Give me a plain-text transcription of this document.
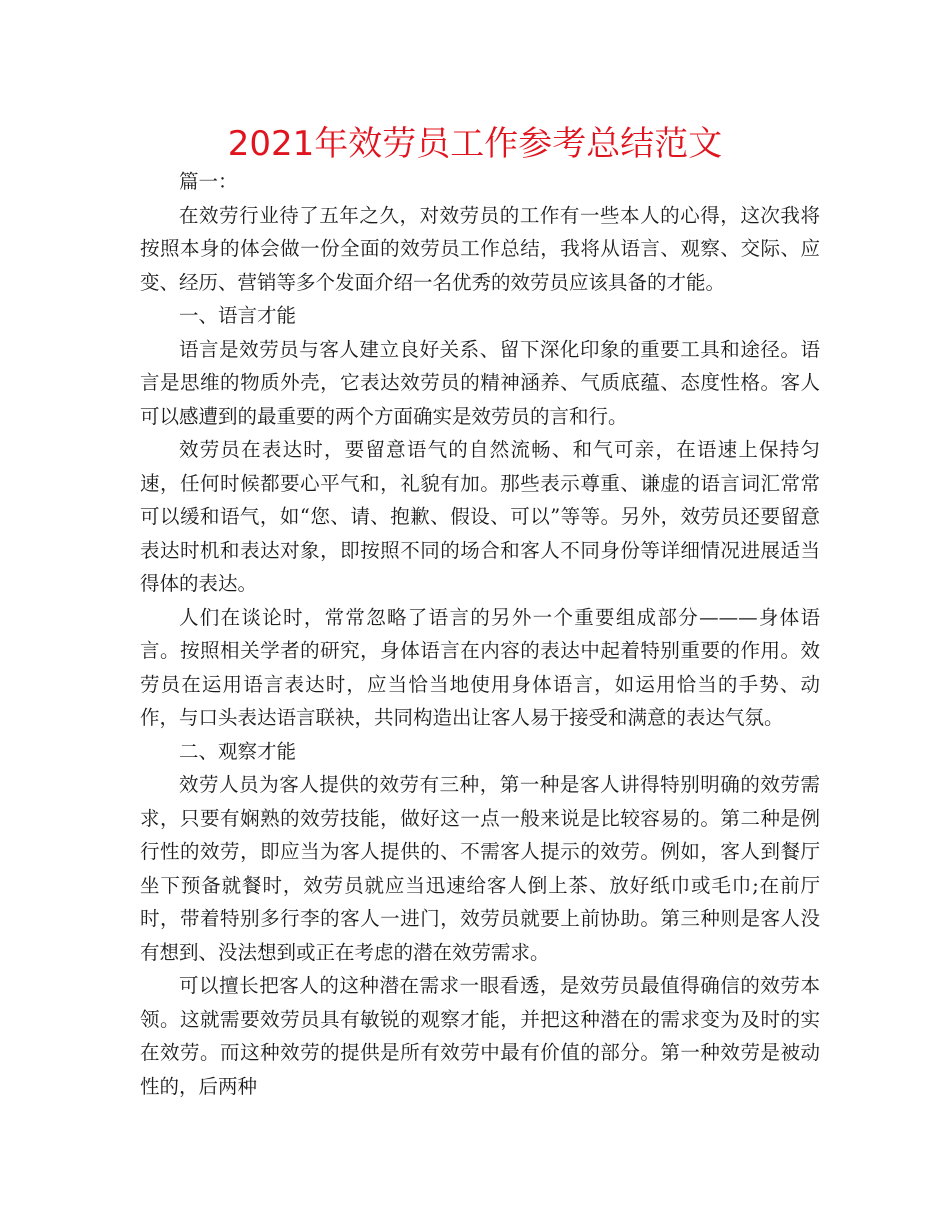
2021年效劳员工作参考总结范文

篇一：

在效劳行业待了五年之久，对效劳员的工作有一些本人的心得，这次我将按照本身的体会做一份全面的效劳员工作总结，我将从语言、观察、交际、应变、经历、营销等多个发面介绍一名优秀的效劳员应该具备的才能。

一、语言才能

语言是效劳员与客人建立良好关系、留下深化印象的重要工具和途径。语言是思维的物质外壳，它表达效劳员的精神涵养、气质底蕴、态度性格。客人可以感遭到的最重要的两个方面确实是效劳员的言和行。

效劳员在表达时，要留意语气的自然流畅、和气可亲，在语速上保持匀速，任何时候都要心平气和，礼貌有加。那些表示尊重、谦虚的语言词汇常常可以缓和语气，如“您、请、抱歉、假设、可以”等等。另外，效劳员还要留意表达时机和表达对象，即按照不同的场合和客人不同身份等详细情况进展适当得体的表达。

人们在谈论时，常常忽略了语言的另外一个重要组成部分———身体语言。按照相关学者的研究，身体语言在内容的表达中起着特别重要的作用。效劳员在运用语言表达时，应当恰当地使用身体语言，如运用恰当的手势、动作，与口头表达语言联袂，共同构造出让客人易于接受和满意的表达气氛。

二、观察才能

效劳人员为客人提供的效劳有三种，第一种是客人讲得特别明确的效劳需求，只要有娴熟的效劳技能，做好这一点一般来说是比较容易的。第二种是例行性的效劳，即应当为客人提供的、不需客人提示的效劳。例如，客人到餐厅坐下预备就餐时，效劳员就应当迅速给客人倒上茶、放好纸巾或毛巾;在前厅时，带着特别多行李的客人一进门，效劳员就要上前协助。第三种则是客人没有想到、没法想到或正在考虑的潜在效劳需求。

可以擅长把客人的这种潜在需求一眼看透，是效劳员最值得确信的效劳本领。这就需要效劳员具有敏锐的观察才能，并把这种潜在的需求变为及时的实在效劳。而这种效劳的提供是所有效劳中最有价值的部分。第一种效劳是被动性的，后两种
